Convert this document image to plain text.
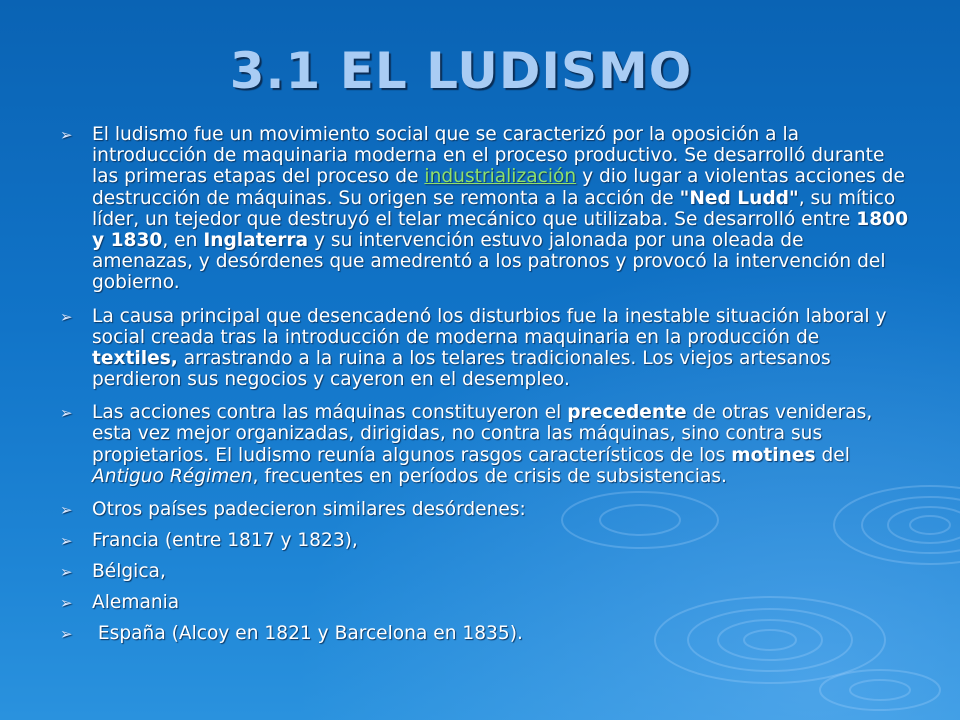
3.1 EL LUDISMO
➢	El ludismo fue un movimiento social que se caracterizó por la oposición a la introducción de maquinaria moderna en el proceso productivo. Se desarrolló durante las primeras etapas del proceso de industrialización y dio lugar a violentas acciones de destrucción de máquinas. Su origen se remonta a la acción de "Ned Ludd", su mítico líder, un tejedor que destruyó el telar mecánico que utilizaba. Se desarrolló entre 1800 y 1830, en Inglaterra y su intervención estuvo jalonada por una oleada de amenazas, y desórdenes que amedrentó a los patronos y provocó la intervención del gobierno.
➢	La causa principal que desencadenó los disturbios fue la inestable situación laboral y social creada tras la introducción de moderna maquinaria en la producción de textiles, arrastrando a la ruina a los telares tradicionales. Los viejos artesanos perdieron sus negocios y cayeron en el desempleo.
➢	Las acciones contra las máquinas constituyeron el precedente de otras venideras, esta vez mejor organizadas, dirigidas, no contra las máquinas, sino contra sus propietarios. El ludismo reunía algunos rasgos característicos de los motines del Antiguo Régimen, frecuentes en períodos de crisis de subsistencias.
➢	Otros países padecieron similares desórdenes:
➢	Francia (entre 1817 y 1823),
➢	Bélgica,
➢	Alemania
➢	España (Alcoy en 1821 y Barcelona en 1835).
